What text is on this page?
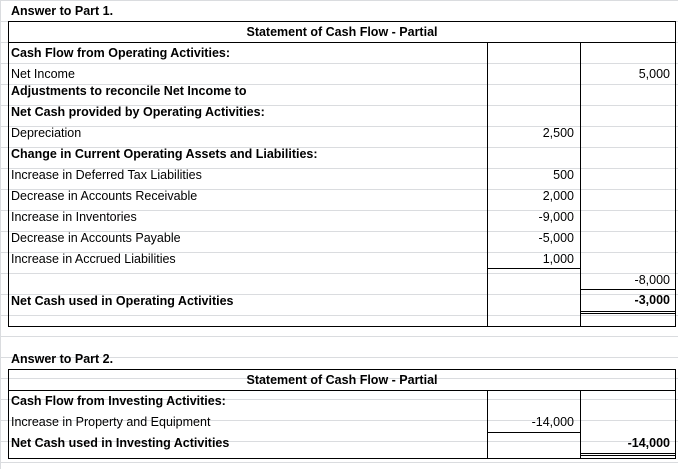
Answer to Part 1.
Statement of Cash Flow - Partial
Cash Flow from Operating Activities:
Net Income	5,000
Adjustments to reconcile Net Income to
Net Cash provided by Operating Activities:
Depreciation	2,500
Change in Current Operating Assets and Liabilities:
Increase in Deferred Tax Liabilities	500
Decrease in Accounts Receivable	2,000
Increase in Inventories	-9,000
Decrease in Accounts Payable	-5,000
Increase in Accrued Liabilities	1,000
-8,000
Net Cash used in Operating Activities	-3,000
Answer to Part 2.
Statement of Cash Flow - Partial
Cash Flow from Investing Activities:
Increase in Property and Equipment	-14,000
Net Cash used in Investing Activities	-14,000
